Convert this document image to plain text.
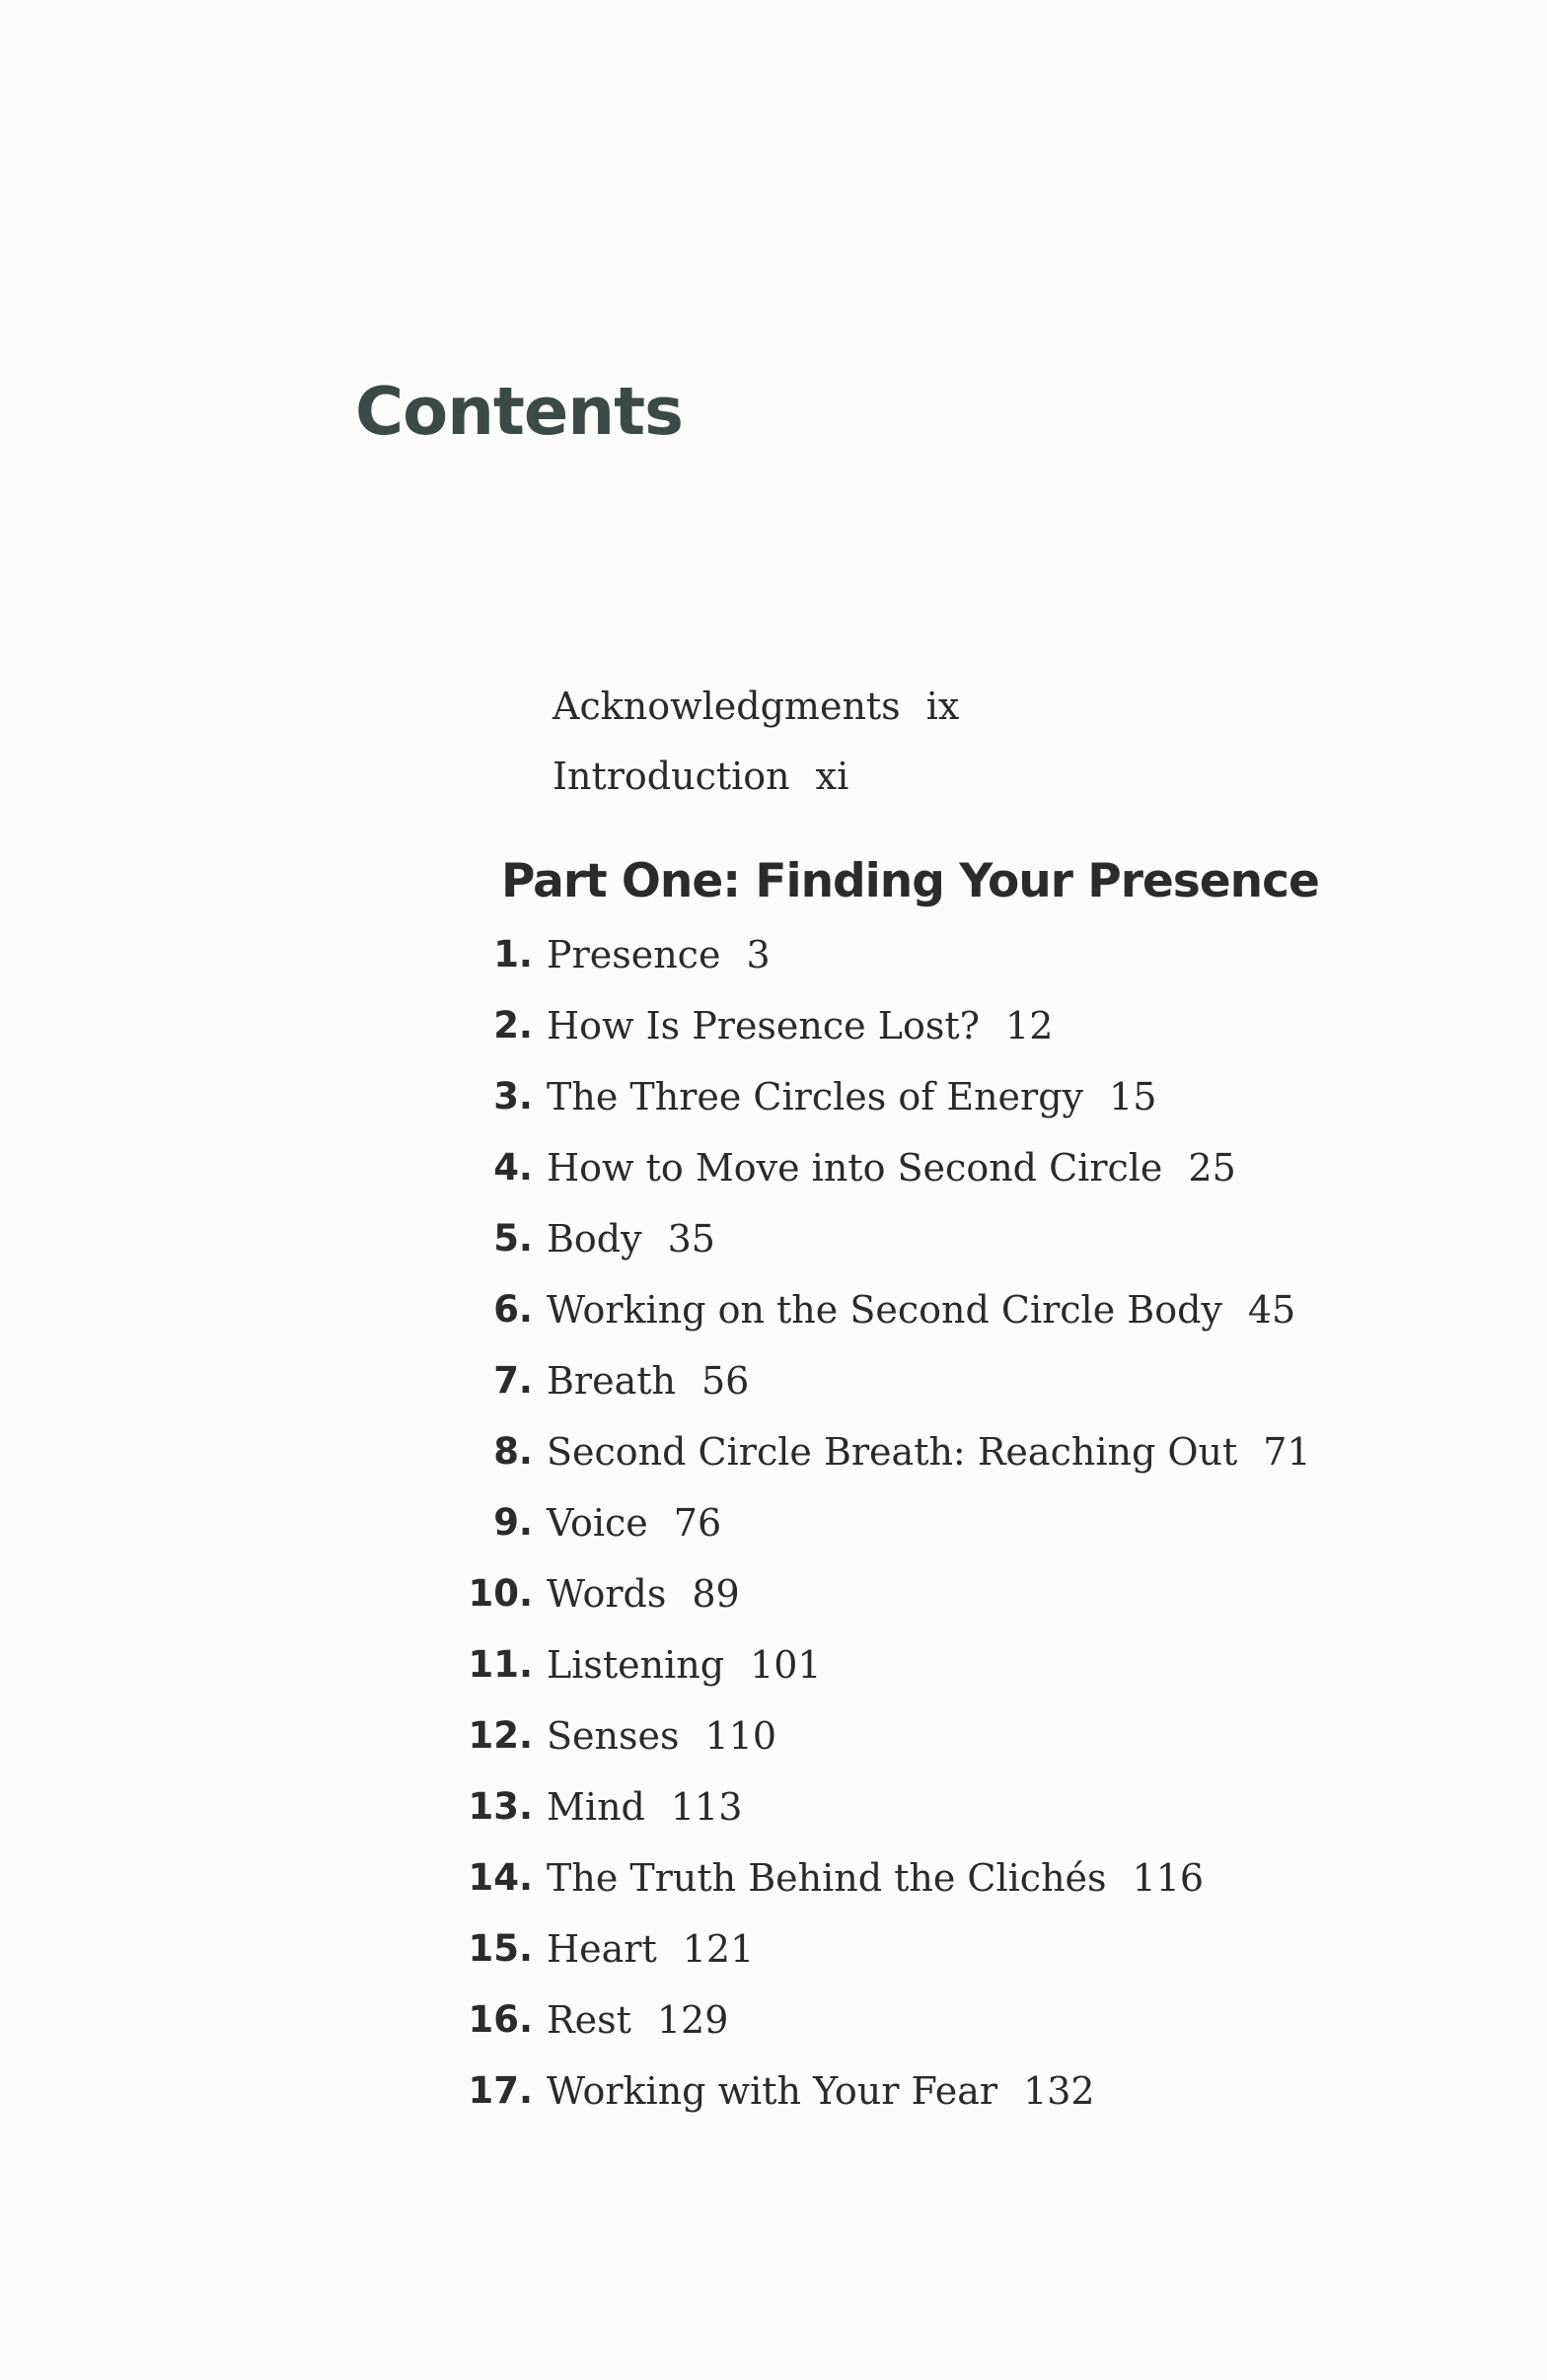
Contents
Acknowledgments ix
Introduction xi
Part One: Finding Your Presence
1. Presence 3
2. How Is Presence Lost? 12
3. The Three Circles of Energy 15
4. How to Move into Second Circle 25
5. Body 35
6. Working on the Second Circle Body 45
7. Breath 56
8. Second Circle Breath: Reaching Out 71
9. Voice 76
10. Words 89
11. Listening 101
12. Senses 110
13. Mind 113
14. The Truth Behind the Clichés 116
15. Heart 121
16. Rest 129
17. Working with Your Fear 132
